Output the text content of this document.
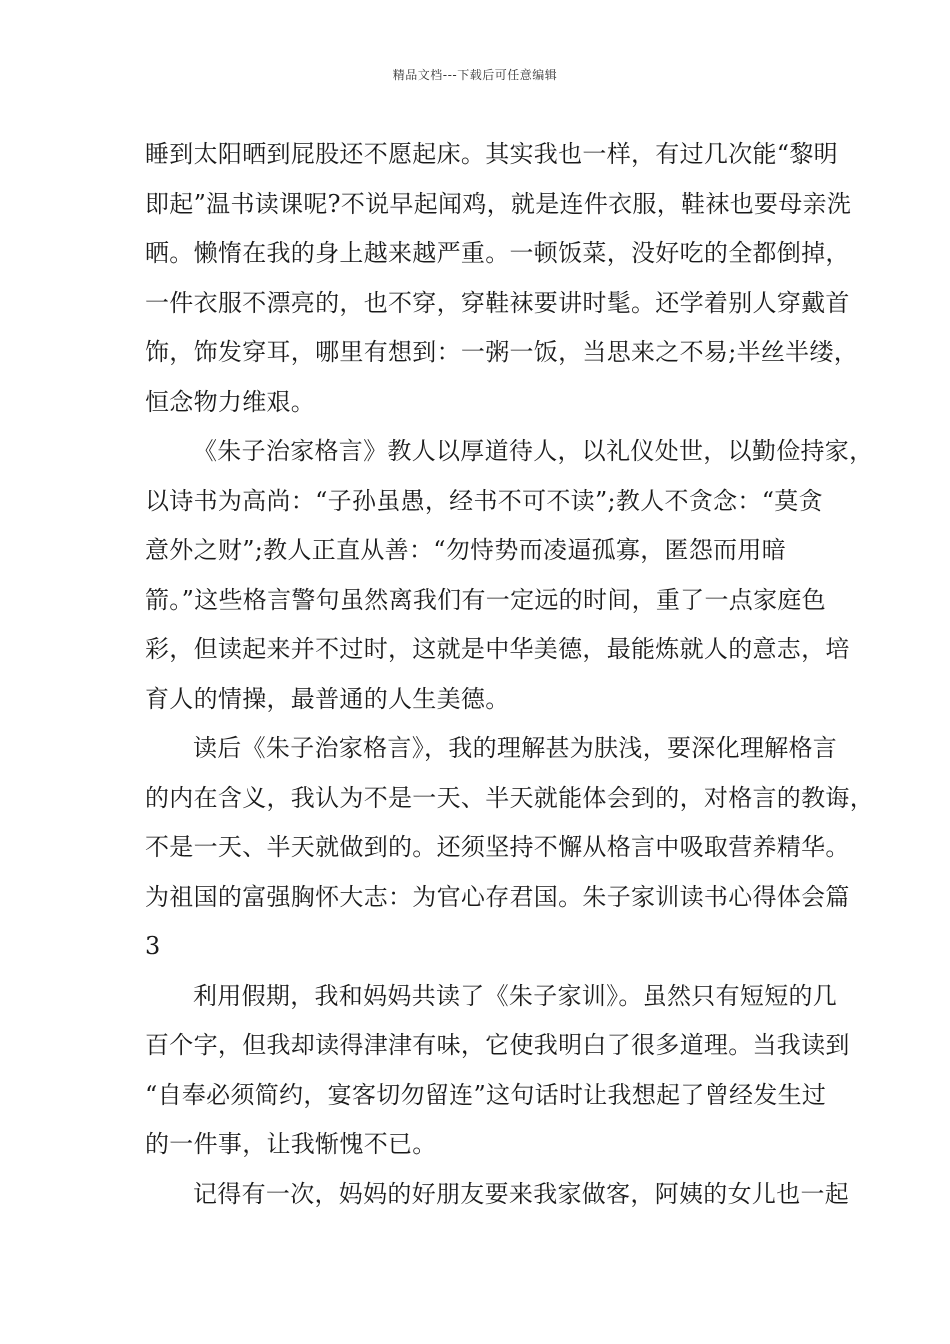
精品文档---下载后可任意编辑
睡到太阳晒到屁股还不愿起床。其实我也一样，有过几次能“黎明
即起”温书读课呢?不说早起闻鸡，就是连件衣服，鞋袜也要母亲洗
晒。懒惰在我的身上越来越严重。一顿饭菜，没好吃的全都倒掉，
一件衣服不漂亮的，也不穿，穿鞋袜要讲时髦。还学着别人穿戴首
饰，饰发穿耳，哪里有想到：一粥一饭，当思来之不易;半丝半缕，
恒念物力维艰。
《朱子治家格言》教人以厚道待人，以礼仪处世，以勤俭持家，
以诗书为高尚：“子孙虽愚，经书不可不读”;教人不贪念：“莫贪
意外之财”;教人正直从善：“勿恃势而凌逼孤寡，匿怨而用暗
箭。”这些格言警句虽然离我们有一定远的时间，重了一点家庭色
彩，但读起来并不过时，这就是中华美德，最能炼就人的意志，培
育人的情操，最普通的人生美德。
读后《朱子治家格言》，我的理解甚为肤浅，要深化理解格言
的内在含义，我认为不是一天、半天就能体会到的，对格言的教诲，
不是一天、半天就做到的。还须坚持不懈从格言中吸取营养精华。
为祖国的富强胸怀大志：为官心存君国。朱子家训读书心得体会篇
3
利用假期，我和妈妈共读了《朱子家训》。虽然只有短短的几
百个字，但我却读得津津有味，它使我明白了很多道理。当我读到
“自奉必须简约，宴客切勿留连”这句话时让我想起了曾经发生过
的一件事，让我惭愧不已。
记得有一次，妈妈的好朋友要来我家做客，阿姨的女儿也一起
